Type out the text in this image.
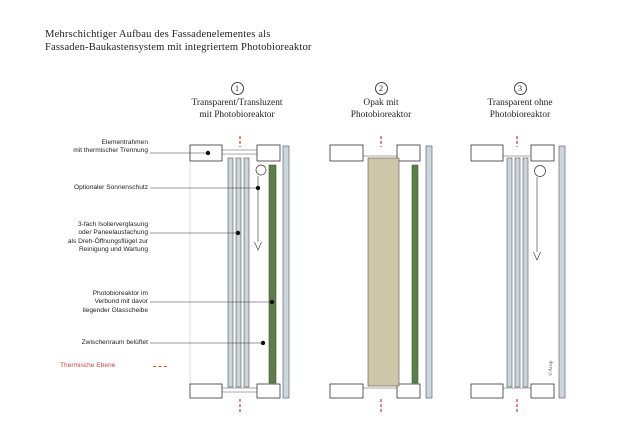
Mehrschichtiger Aufbau des Fassadenelementes als
Fassaden-Baukastensystem mit integriertem Photobioreaktor
1
Transparent/Transluzent
mit Photobioreaktor
2
Opak mit
Photobioreaktor
3
Transparent ohne
Photobioreaktor
Elementrahmen
mit thermischer Trennung
Optionaler Sonnenschutz
3-fach Isolierverglasung
oder Paneelausfachung
als Dreh-Öffnungsflügel zur
Reinigung und Wartung
Photobioreaktor im
Verbund mit davor
liegender Glasscheibe
Zwischenraum belüftet
Thermische Ebene	©Arup
